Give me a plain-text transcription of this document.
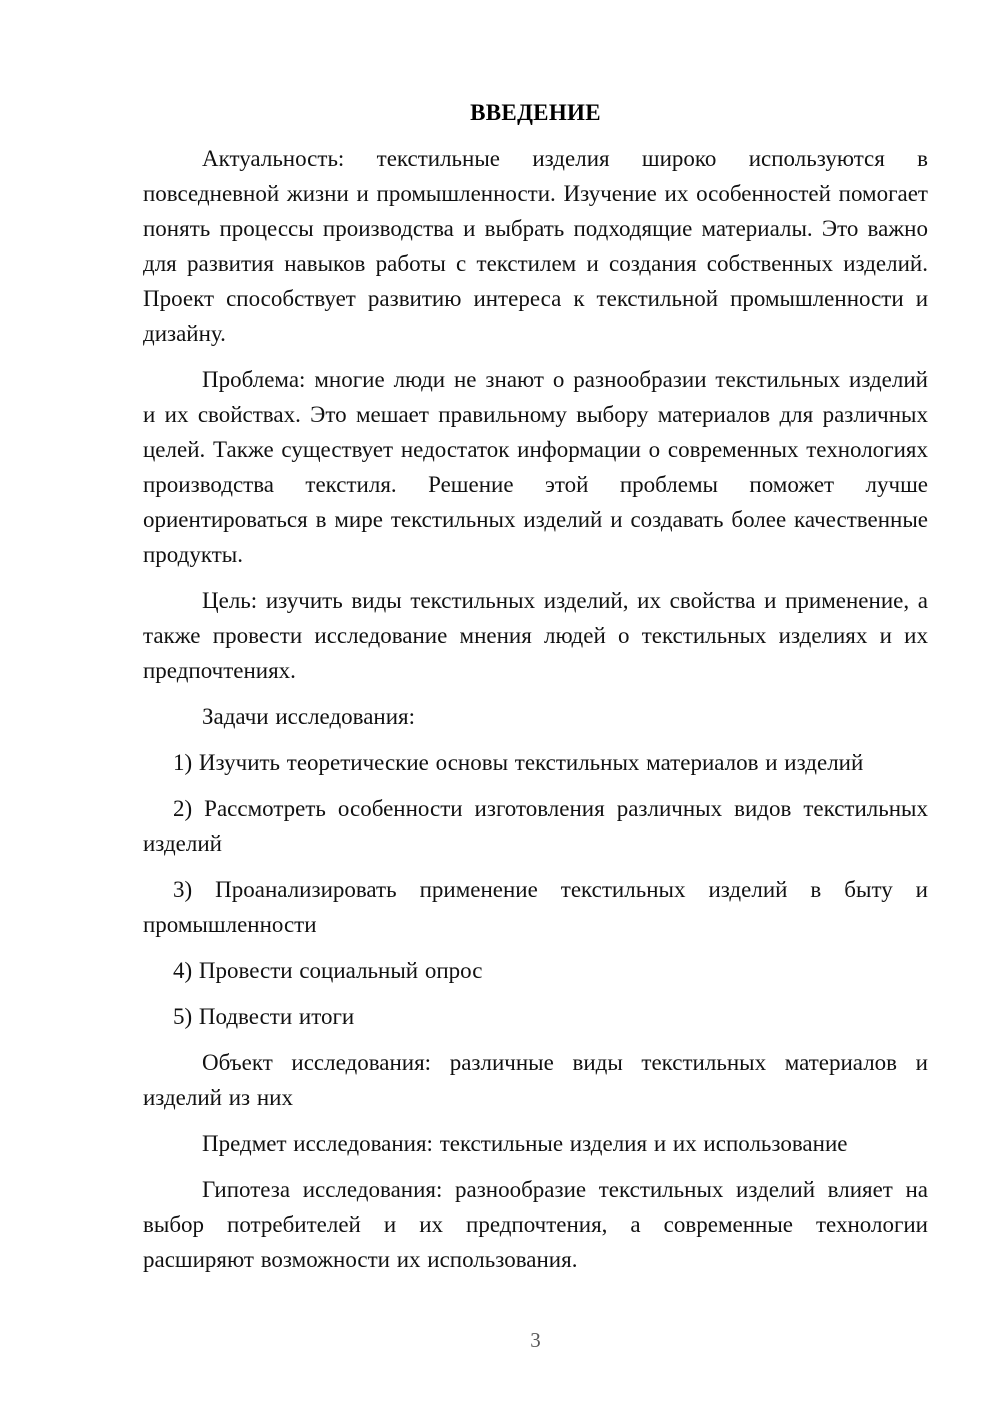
ВВЕДЕНИЕ

Актуальность: текстильные изделия широко используются в повседневной жизни и промышленности. Изучение их особенностей помогает понять процессы производства и выбрать подходящие материалы. Это важно для развития навыков работы с текстилем и создания собственных изделий. Проект способствует развитию интереса к текстильной промышленности и дизайну.

Проблема: многие люди не знают о разнообразии текстильных изделий и их свойствах. Это мешает правильному выбору материалов для различных целей. Также существует недостаток информации о современных технологиях производства текстиля. Решение этой проблемы поможет лучше ориентироваться в мире текстильных изделий и создавать более качественные продукты.

Цель: изучить виды текстильных изделий, их свойства и применение, а также провести исследование мнения людей о текстильных изделиях и их предпочтениях.

Задачи исследования:

1) Изучить теоретические основы текстильных материалов и изделий

2) Рассмотреть особенности изготовления различных видов текстильных изделий

3) Проанализировать применение текстильных изделий в быту и промышленности

4) Провести социальный опрос

5) Подвести итоги

Объект исследования: различные виды текстильных материалов и изделий из них

Предмет исследования: текстильные изделия и их использование

Гипотеза исследования: разнообразие текстильных изделий влияет на выбор потребителей и их предпочтения, а современные технологии расширяют возможности их использования.

3
